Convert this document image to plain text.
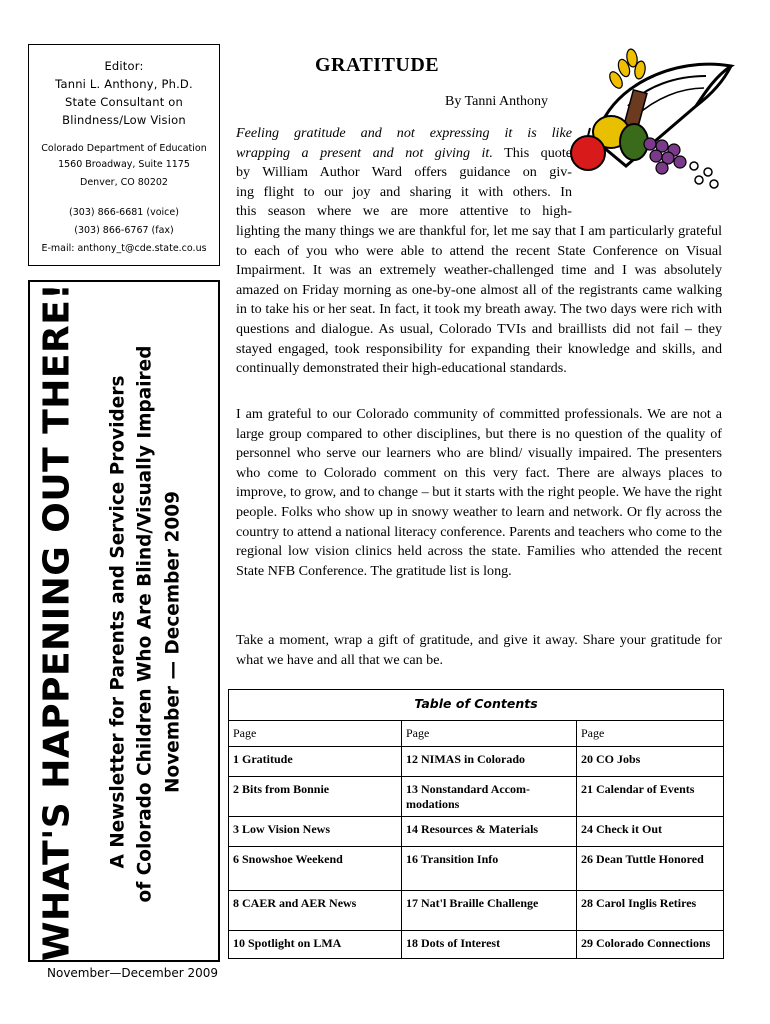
Editor:
Tanni L. Anthony, Ph.D.
State Consultant on
Blindness/Low Vision
Colorado Department of Education
1560 Broadway, Suite 1175
Denver, CO 80202
(303) 866-6681 (voice)
(303) 866-6767 (fax)
E-mail: anthony_t@cde.state.co.us
WHAT'S HAPPENING OUT THERE! A Newsletter for Parents and Service Providers of Colorado Children Who Are Blind/Visually Impaired November — December 2009
November—December 2009
GRATITUDE
By Tanni Anthony
Feeling gratitude and not expressing it is like
wrapping a present and not giving it. This quote
by William Author Ward offers guidance on giv-
ing flight to our joy and sharing it with others. In
this season where we are more attentive to high-
lighting the many things we are thankful for, let me say that I am particularly grateful to each of you who were able to attend the recent State Conference on Visual Impairment. It was an extremely weather-challenged time and I was absolutely amazed on Friday morning as one-by-one almost all of the registrants came walking in to take his or her seat. In fact, it took my breath away. The two days were rich with questions and dialogue. As usual, Colorado TVIs and braillists did not fail – they stayed engaged, took responsibility for expanding their knowledge and skills, and continually demonstrated their high-educational standards.

I am grateful to our Colorado community of committed professionals. We are not a large group compared to other disciplines, but there is no question of the quality of personnel who serve our learners who are blind/ visually impaired. The presenters who come to Colorado comment on this very fact. There are always places to improve, to grow, and to change – but it starts with the right people. We have the right people. Folks who show up in snowy weather to learn and network. Or fly across the country to attend a national literacy conference. Parents and teachers who come to the regional low vision clinics held across the state. Families who attended the recent State NFB Conference. The gratitude list is long.

Take a moment, wrap a gift of gratitude, and give it away. Share your gratitude for what we have and all that we can be.

Table of Contents		
Page	Page	Page
1 Gratitude	12 NIMAS in Colorado	20 CO Jobs
2 Bits from Bonnie	13 Nonstandard Accom-
modations	21 Calendar of Events
3 Low Vision News	14 Resources & Materials	24 Check it Out
6 Snowshoe Weekend	16 Transition Info	26 Dean Tuttle Honored
8 CAER and AER News	17 Nat'l Braille Challenge	28 Carol Inglis Retires
10 Spotlight on LMA	18 Dots of Interest	29 Colorado Connections
